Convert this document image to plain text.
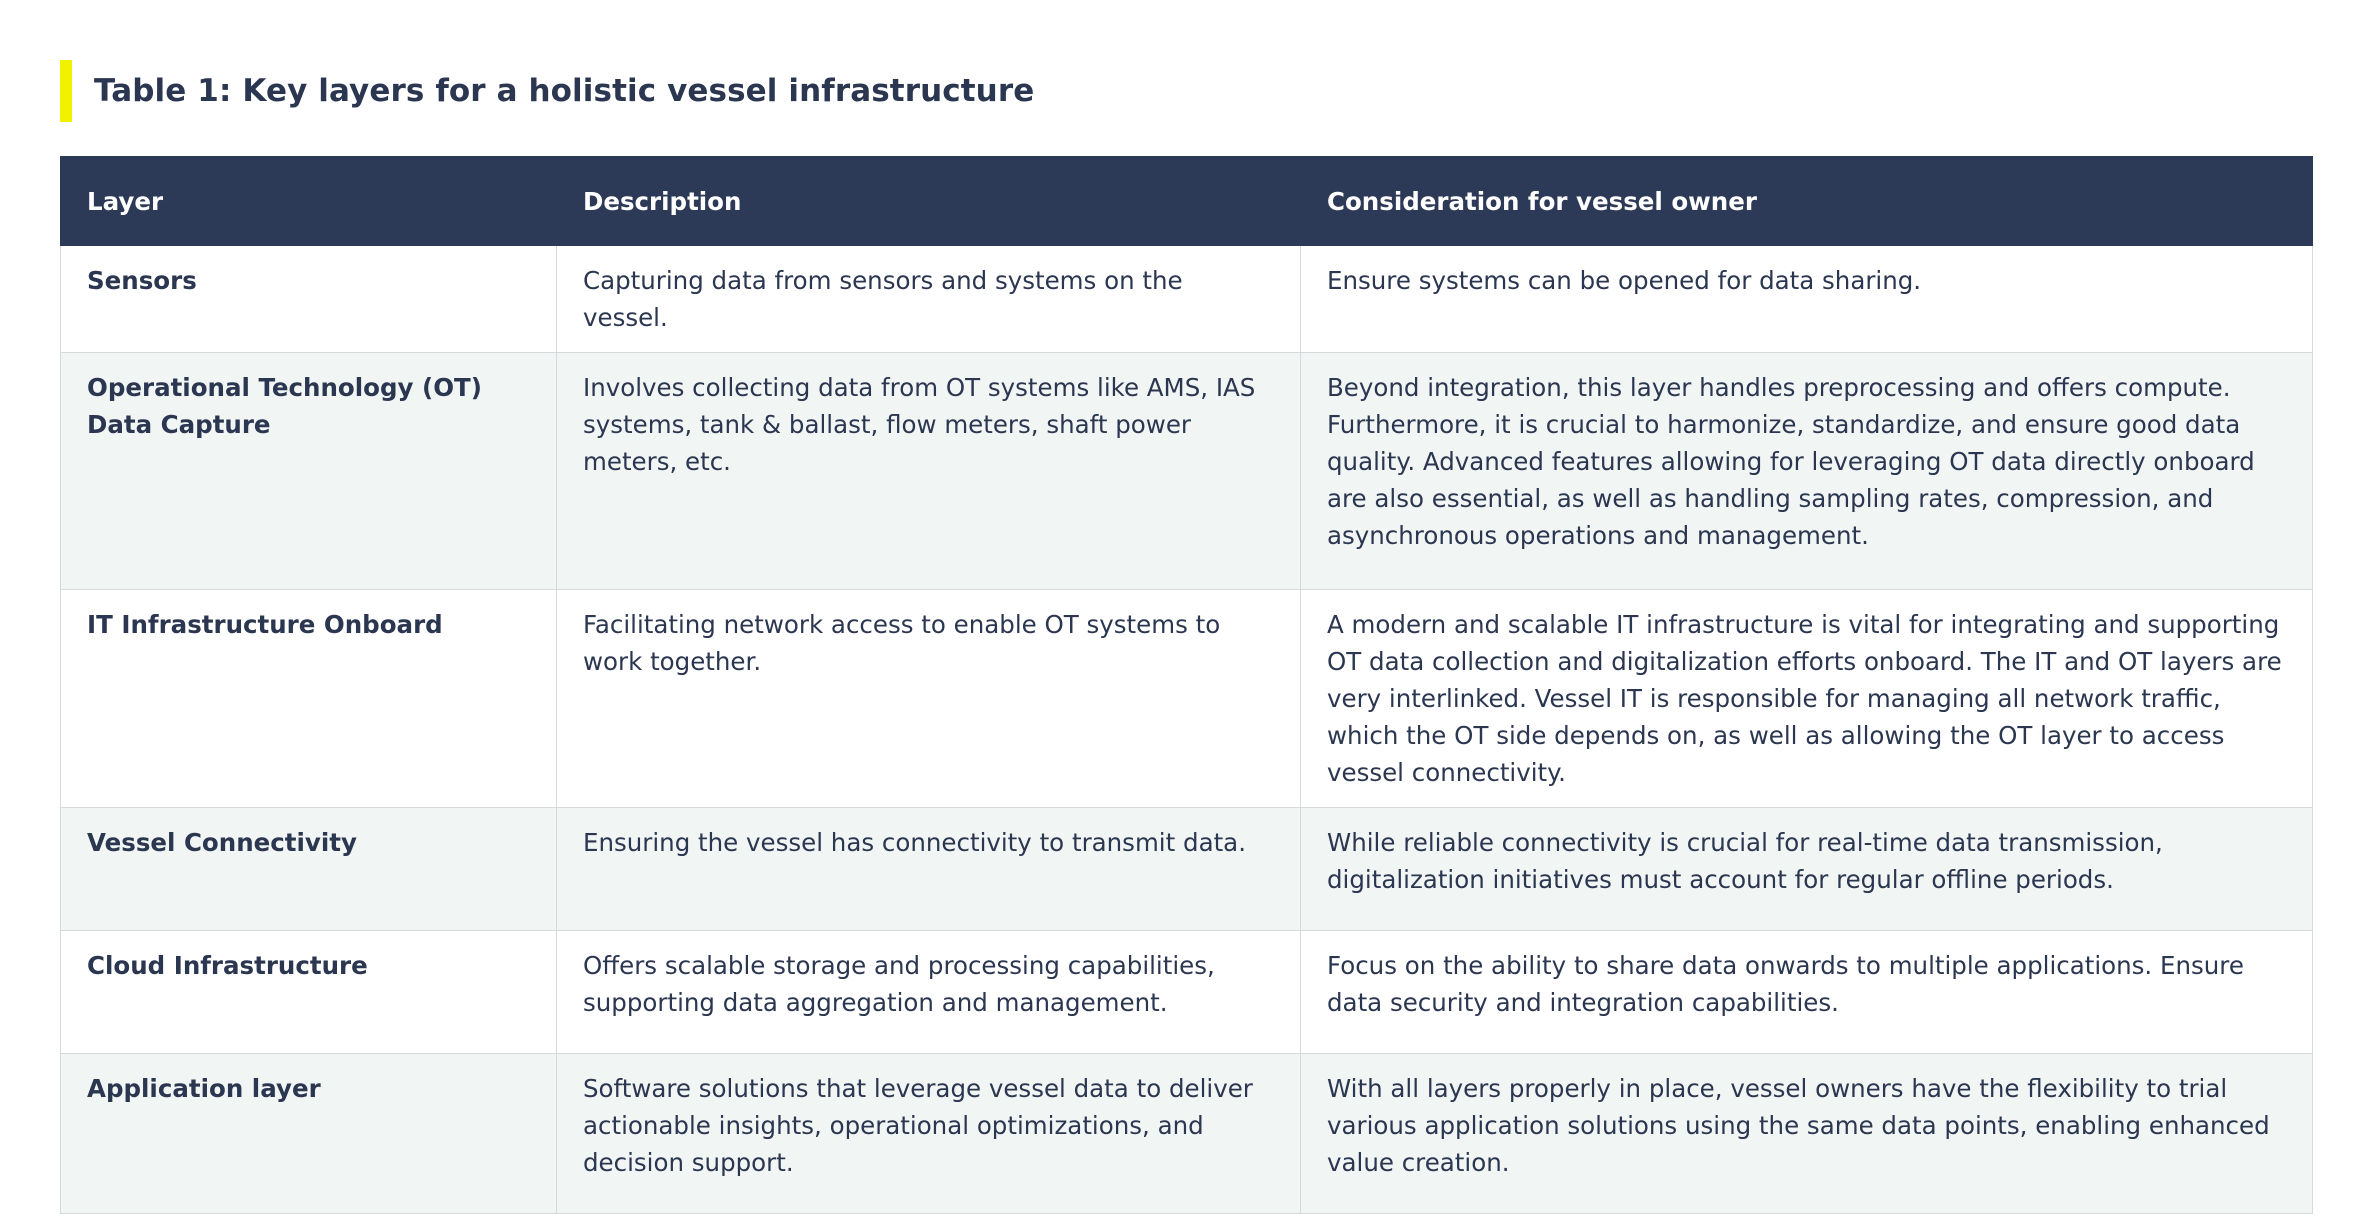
Table 1: Key layers for a holistic vessel infrastructure
Layer	Description	Consideration for vessel owner
Sensors	Capturing data from sensors and systems on the vessel.	Ensure systems can be opened for data sharing.
Operational Technology (OT) Data Capture	Involves collecting data from OT systems like AMS, IAS systems, tank & ballast, flow meters, shaft power meters, etc.	Beyond integration, this layer handles preprocessing and offers compute. Furthermore, it is crucial to harmonize, standardize, and ensure good data quality. Advanced features allowing for leveraging OT data directly onboard are also essential, as well as handling sampling rates, compression, and asynchronous operations and management.
IT Infrastructure Onboard	Facilitating network access to enable OT systems to work together.	A modern and scalable IT infrastructure is vital for integrating and supporting OT data collection and digitalization efforts onboard. The IT and OT layers are very interlinked. Vessel IT is responsible for managing all network traffic, which the OT side depends on, as well as allowing the OT layer to access vessel connectivity.
Vessel Connectivity	Ensuring the vessel has connectivity to transmit data.	While reliable connectivity is crucial for real-time data transmission, digitalization initiatives must account for regular offline periods.
Cloud Infrastructure	Offers scalable storage and processing capabilities, supporting data aggregation and management.	Focus on the ability to share data onwards to multiple applications. Ensure data security and integration capabilities.
Application layer	Software solutions that leverage vessel data to deliver actionable insights, operational optimizations, and decision support.	With all layers properly in place, vessel owners have the flexibility to trial various application solutions using the same data points, enabling enhanced value creation.
